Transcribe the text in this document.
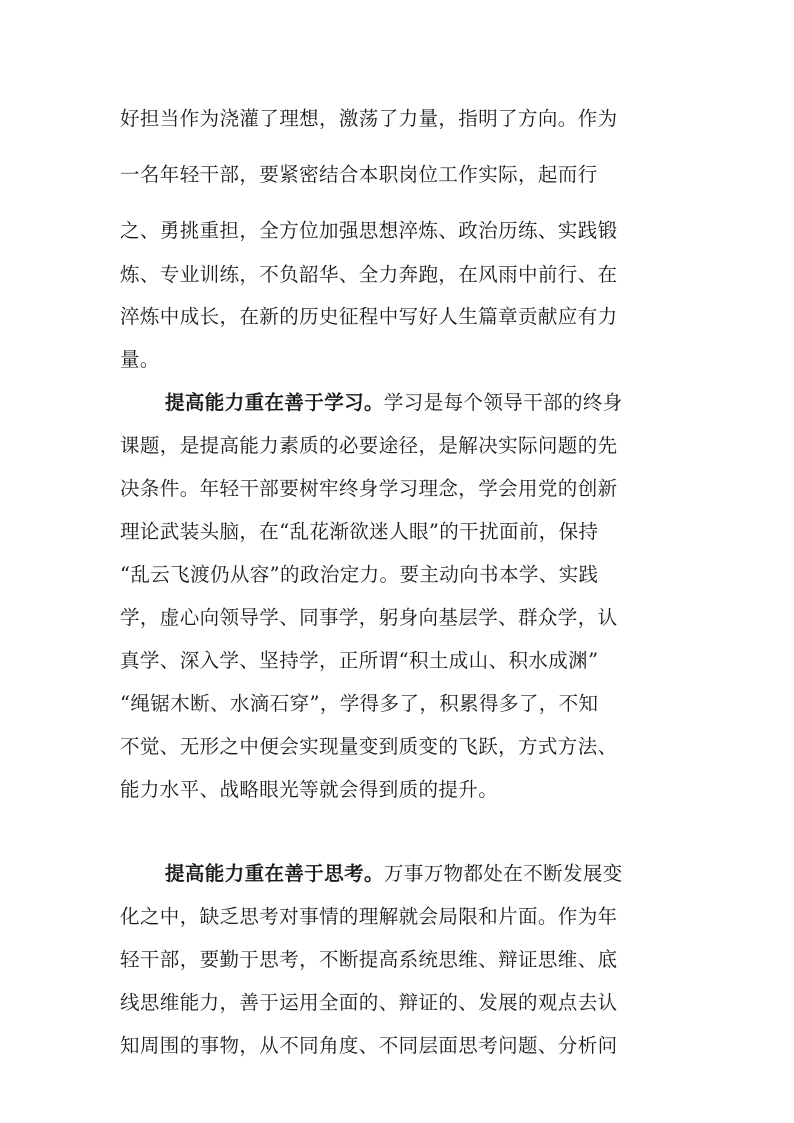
好担当作为浇灌了理想，激荡了力量，指明了方向。作为
一名年轻干部，要紧密结合本职岗位工作实际，起而行
之、勇挑重担，全方位加强思想淬炼、政治历练、实践锻
炼、专业训练，不负韶华、全力奔跑，在风雨中前行、在
淬炼中成长，在新的历史征程中写好人生篇章贡献应有力
量。
提高能力重在善于学习。学习是每个领导干部的终身
课题，是提高能力素质的必要途径，是解决实际问题的先
决条件。年轻干部要树牢终身学习理念，学会用党的创新
理论武装头脑，在“乱花渐欲迷人眼”的干扰面前，保持
“乱云飞渡仍从容”的政治定力。要主动向书本学、实践
学，虚心向领导学、同事学，躬身向基层学、群众学，认
真学、深入学、坚持学，正所谓“积土成山、积水成渊”
“绳锯木断、水滴石穿”，学得多了，积累得多了，不知
不觉、无形之中便会实现量变到质变的飞跃，方式方法、
能力水平、战略眼光等就会得到质的提升。
提高能力重在善于思考。万事万物都处在不断发展变
化之中，缺乏思考对事情的理解就会局限和片面。作为年
轻干部，要勤于思考，不断提高系统思维、辩证思维、底
线思维能力，善于运用全面的、辩证的、发展的观点去认
知周围的事物，从不同角度、不同层面思考问题、分析问
